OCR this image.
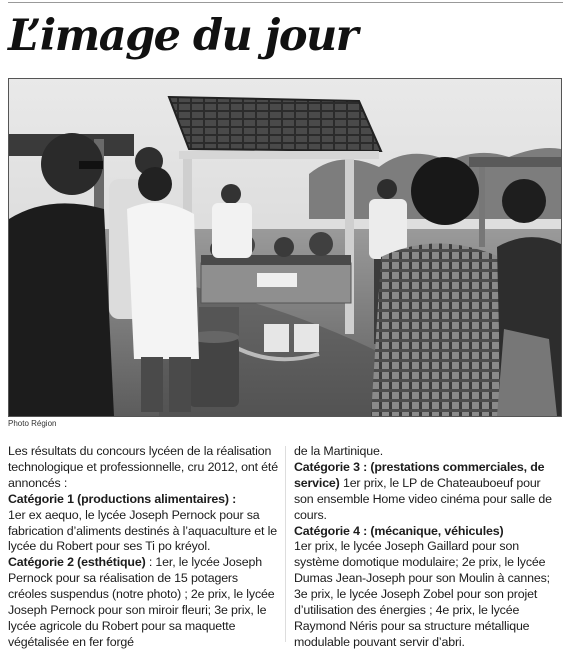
L’image du jour
Photo Région

Les résultats du concours lycéen de la réalisation technologique et professionnelle, cru 2012, ont été annoncés :

Catégorie 1 (productions alimentaires) :

1er ex aequo, le lycée Joseph Pernock pour sa fabrication d’aliments destinés à l’aquaculture et le lycée du Robert pour ses Ti po kréyol.

Catégorie 2 (esthétique) : 1er, le lycée Joseph Pernock pour sa réalisation de 15 potagers créoles suspendus (notre photo) ; 2e prix, le lycée Joseph Pernock pour son miroir fleuri; 3e prix, le lycée agricole du Robert pour sa maquette végétalisée en fer forgé

de la Martinique.

Catégorie 3 : (prestations commerciales, de service) 1er prix, le LP de Chateauboeuf pour son ensemble Home video cinéma pour salle de cours.

Catégorie 4 : (mécanique, véhicules)

1er prix, le lycée Joseph Gaillard pour son système domotique modulaire; 2e prix, le lycée Dumas Jean-Joseph pour son Moulin à cannes; 3e prix, le lycée Joseph Zobel pour son projet d’utilisation des énergies ; 4e prix, le lycée Raymond Néris pour sa structure métallique modulable pouvant servir d’abri.
